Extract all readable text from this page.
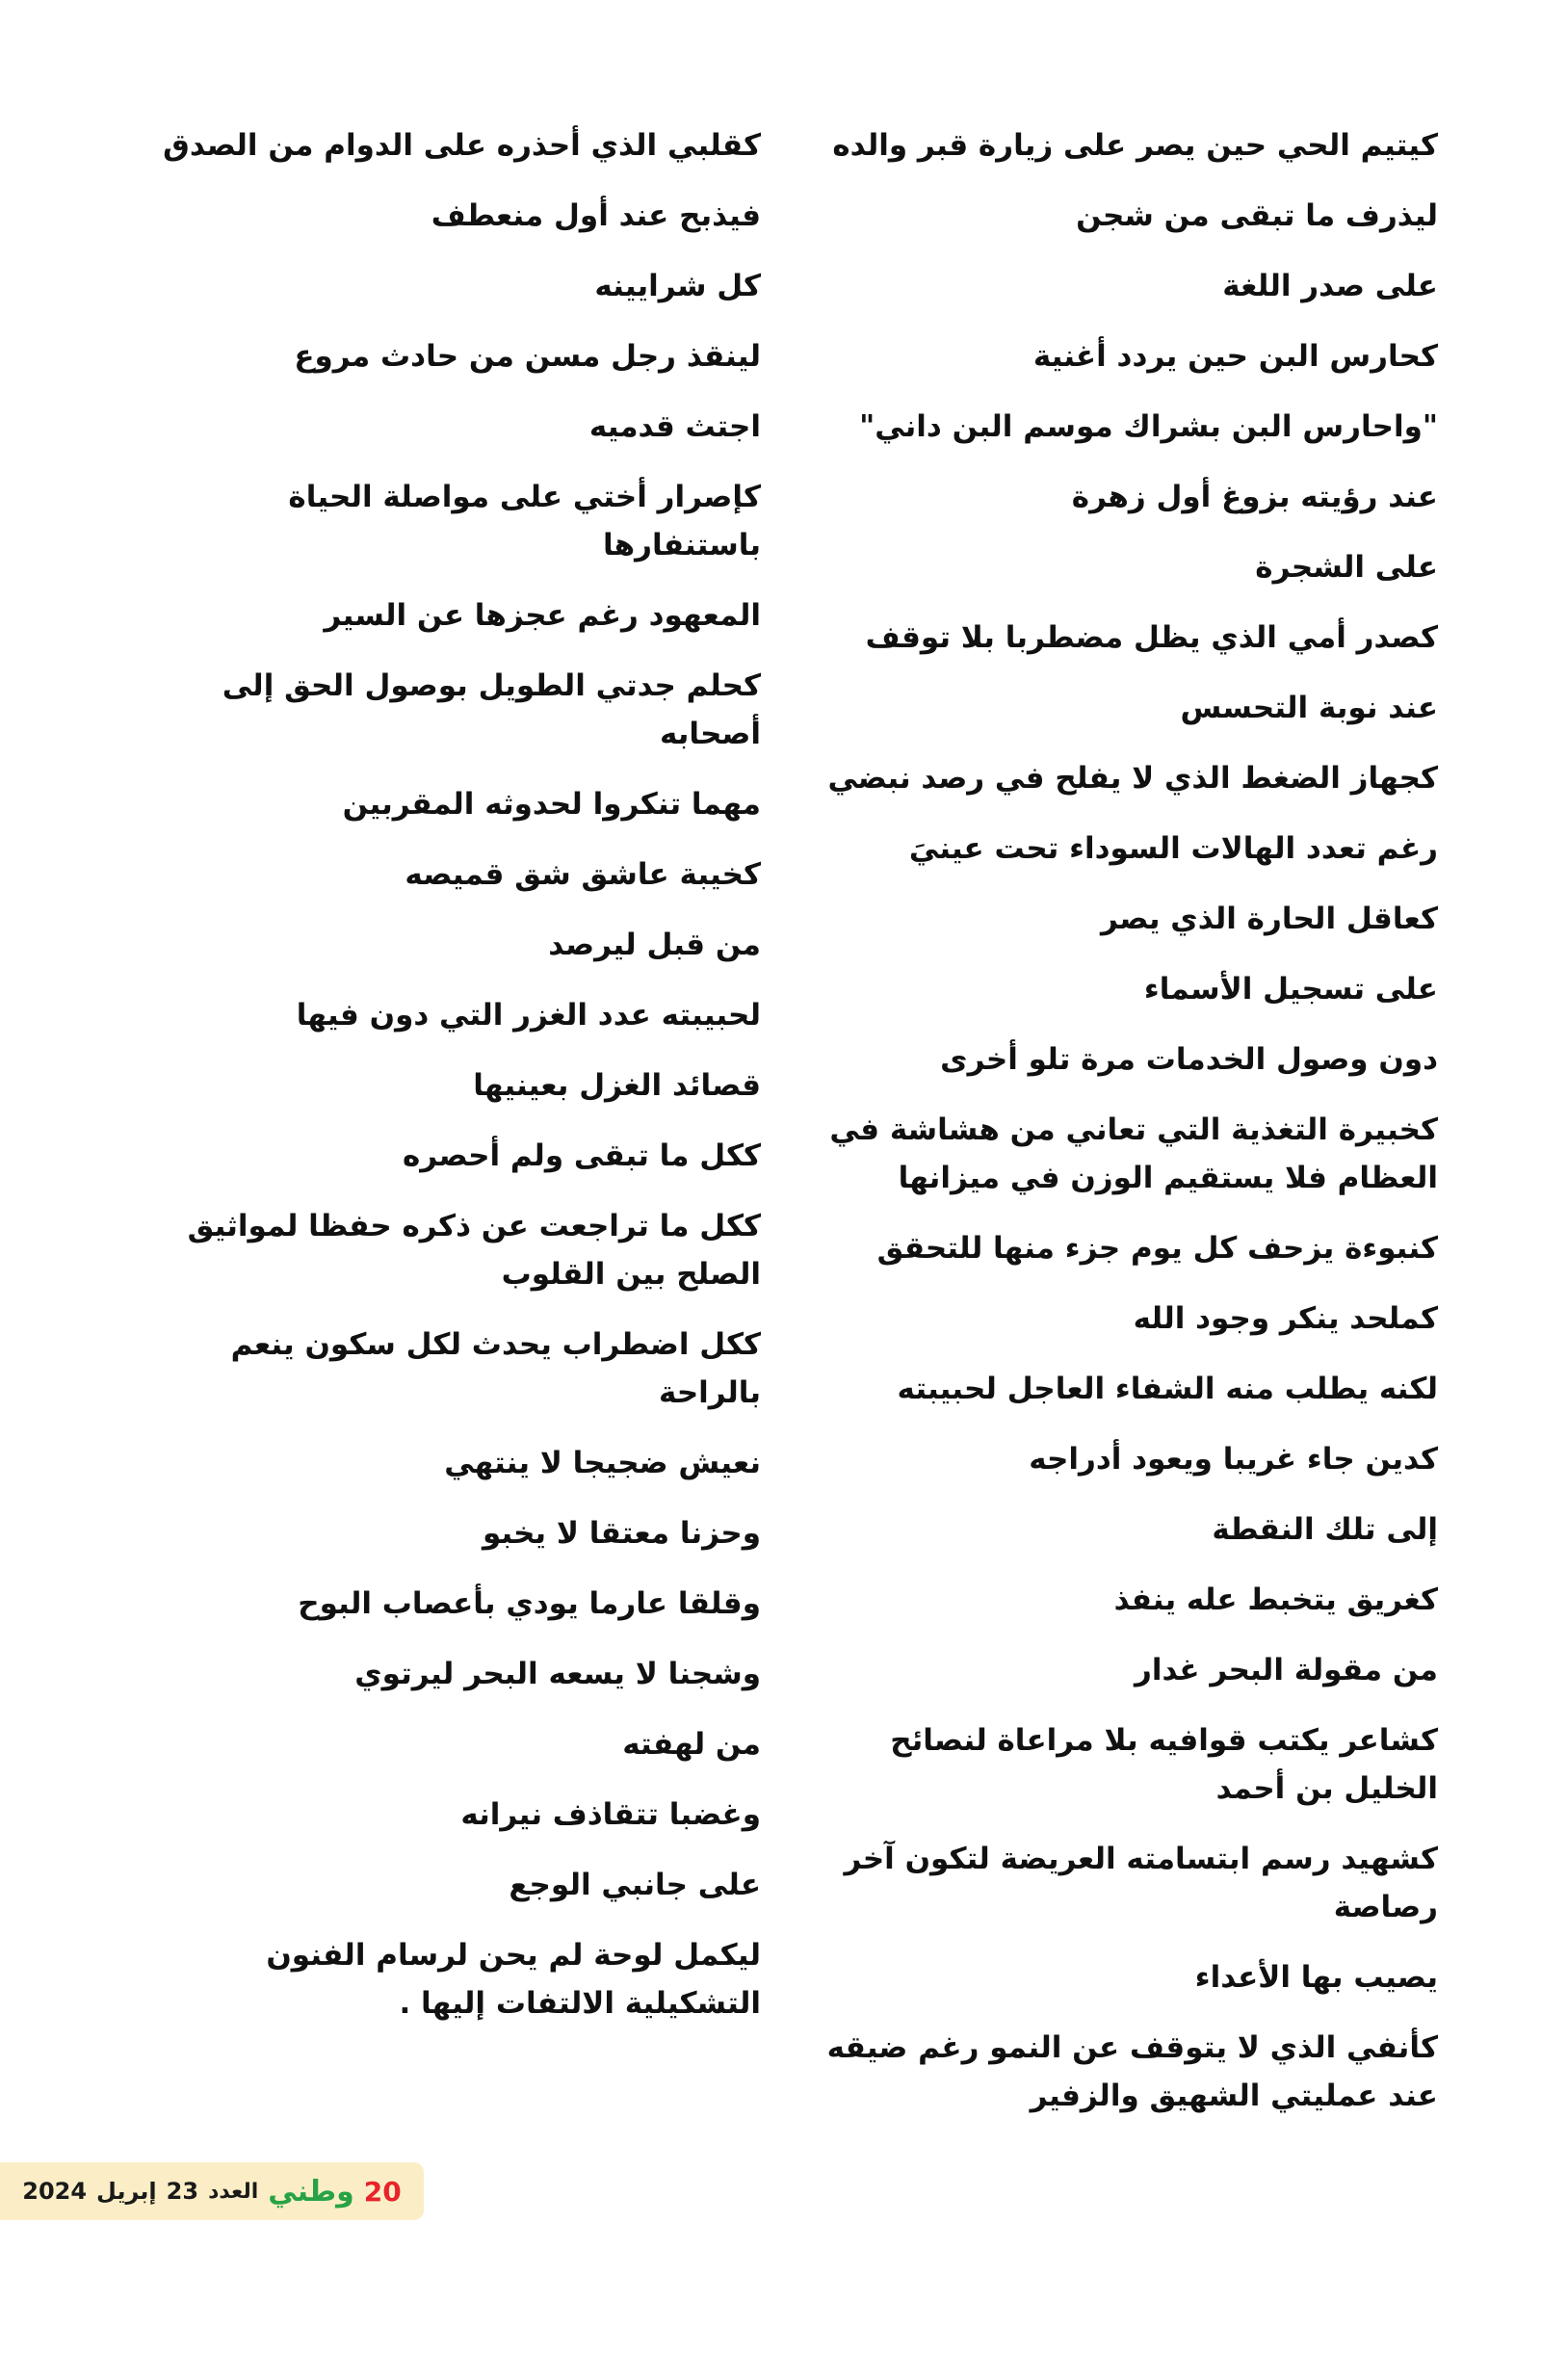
كيتيم الحي حين يصر على زيارة قبر والده
ليذرف ما تبقى من شجن
على صدر اللغة
كحارس البن حين يردد أغنية
"واحارس البن بشراك موسم البن داني"
عند رؤيته بزوغ أول زهرة
على الشجرة
كصدر أمي الذي يظل مضطربا بلا توقف
عند نوبة التحسس
كجهاز الضغط الذي لا يفلح في رصد نبضي
رغم تعدد الهالات السوداء تحت عينيَ
كعاقل الحارة الذي يصر
على تسجيل الأسماء
دون وصول الخدمات مرة تلو أخرى
كخبيرة التغذية التي تعاني من هشاشة في العظام فلا يستقيم الوزن في ميزانها
كنبوءة يزحف كل يوم جزء منها للتحقق
كملحد ينكر وجود الله
لكنه يطلب منه الشفاء العاجل لحبيبته
كدين جاء غريبا ويعود أدراجه
إلى تلك النقطة
كغريق يتخبط عله ينفذ
من مقولة البحر غدار
كشاعر يكتب قوافيه بلا مراعاة لنصائح الخليل بن أحمد
كشهيد رسم ابتسامته العريضة لتكون آخر رصاصة
يصيب بها الأعداء
كأنفي الذي لا يتوقف عن النمو رغم ضيقه عند عمليتي الشهيق والزفير
كقلبي الذي أحذره على الدوام من الصدق
فيذبح عند أول منعطف
كل شرايينه
لينقذ رجل مسن من حادث مروع
اجتث قدميه
كإصرار أختي على مواصلة الحياة باستنفارها
المعهود رغم عجزها عن السير
كحلم جدتي الطويل بوصول الحق إلى أصحابه
مهما تنكروا لحدوثه المقربين
كخيبة عاشق شق قميصه
من قبل ليرصد
لحبيبته عدد الغزر التي دون فيها
قصائد الغزل بعينيها
ككل ما تبقى ولم أحصره
ككل ما تراجعت عن ذكره حفظا لمواثيق الصلح بين القلوب
ككل اضطراب يحدث لكل سكون ينعم بالراحة
نعيش ضجيجا لا ينتهي
وحزنا معتقا لا يخبو
وقلقا عارما يودي بأعصاب البوح
وشجنا لا يسعه البحر ليرتوي
من لهفته
وغضبا تتقاذف نيرانه
على جانبي الوجع
ليكمل لوحة لم يحن لرسام الفنون التشكيلية الالتفات إليها .
20
وطني
العدد
23
إبريل
2024
